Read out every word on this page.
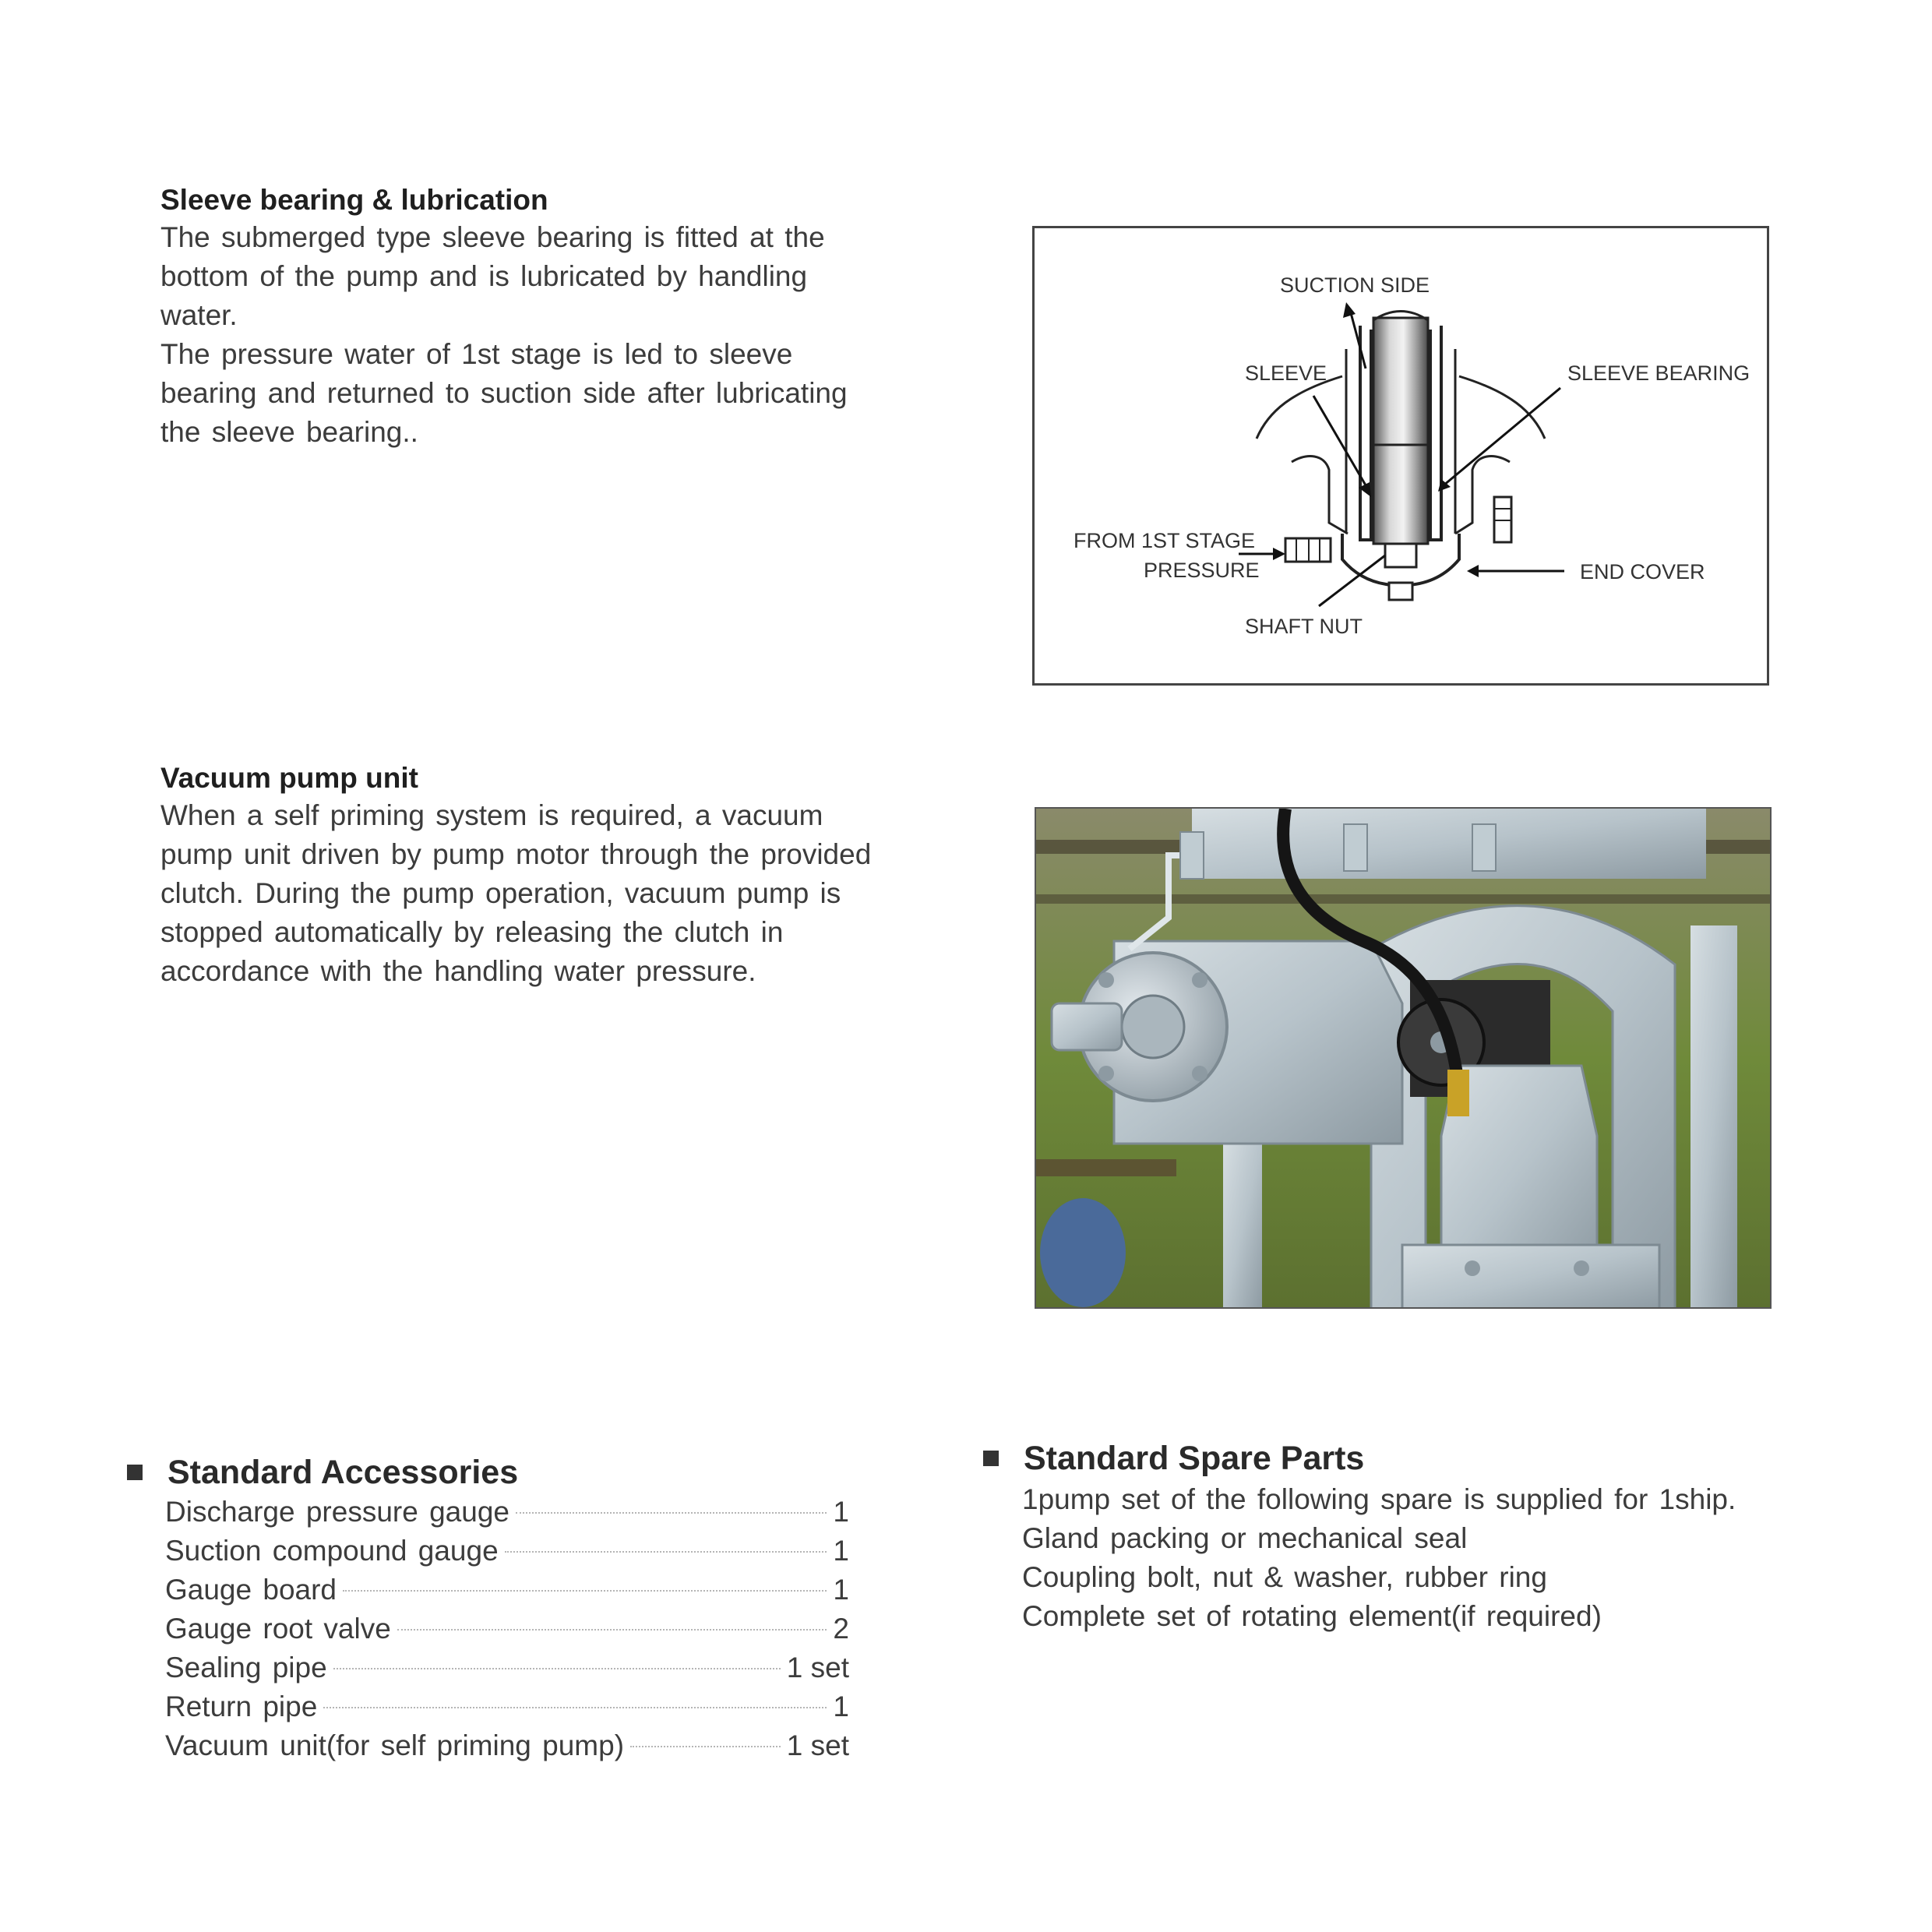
Sleeve bearing & lubrication

The submerged type sleeve bearing is fitted at the bottom of the pump and is lubricated by handling water.

The pressure water of 1st stage is led to sleeve bearing and returned to suction side after lubricating the sleeve bearing..

SUCTION SIDE
SLEEVE	SLEEVE BEARING
FROM 1ST STAGE
PRESSURE	END COVER
SHAFT NUT
Vacuum pump unit

When a self priming system is required, a vacuum pump unit driven by pump motor through the provided clutch. During the pump operation, vacuum pump is stopped automatically by releasing the clutch in accordance with the handling water pressure.

Standard Accessories
Discharge pressure gauge	1
Suction compound gauge	1
Gauge board	1
Gauge root valve	2
Sealing pipe	1 set
Return pipe	1
Vacuum unit(for self priming pump)	1 set
Standard Spare Parts
1pump set of the following spare is supplied for 1ship.
Gland packing or mechanical seal
Coupling bolt, nut & washer, rubber ring
Complete set of rotating element(if required)
